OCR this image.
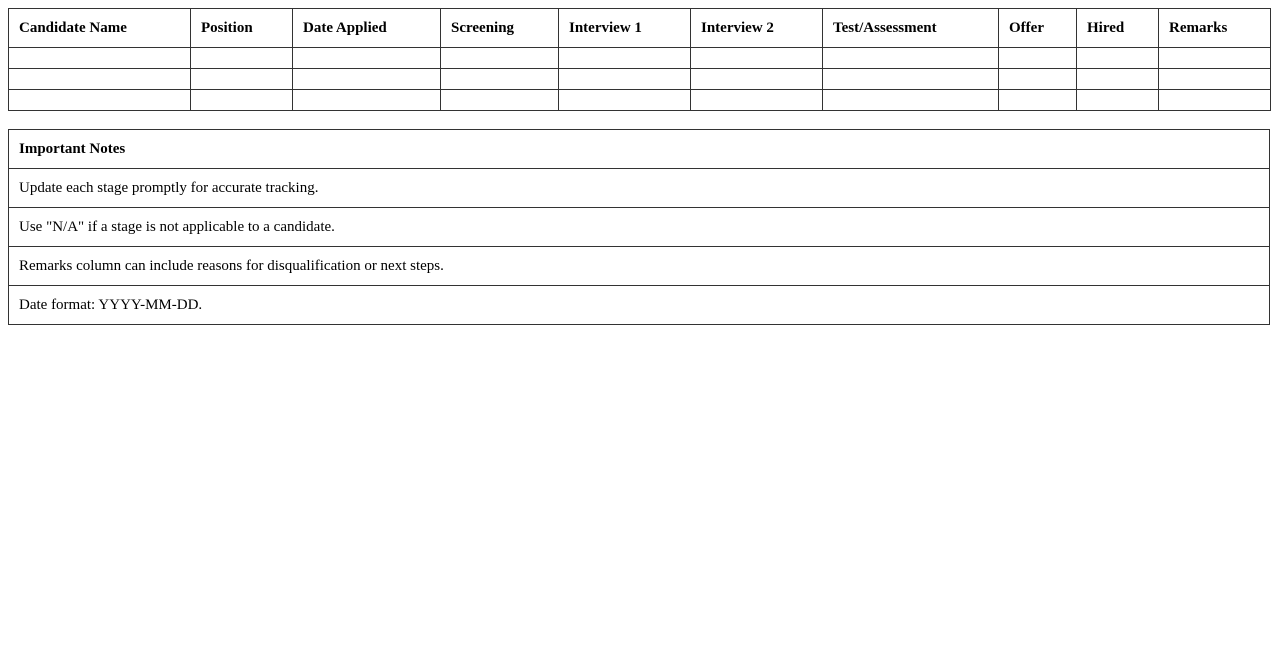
Candidate Name	Position	Date Applied	Screening	Interview 1	Interview 2	Test/Assessment	Offer	Hired	Remarks

Important Notes
Update each stage promptly for accurate tracking.
Use "N/A" if a stage is not applicable to a candidate.
Remarks column can include reasons for disqualification or next steps.
Date format: YYYY-MM-DD.
